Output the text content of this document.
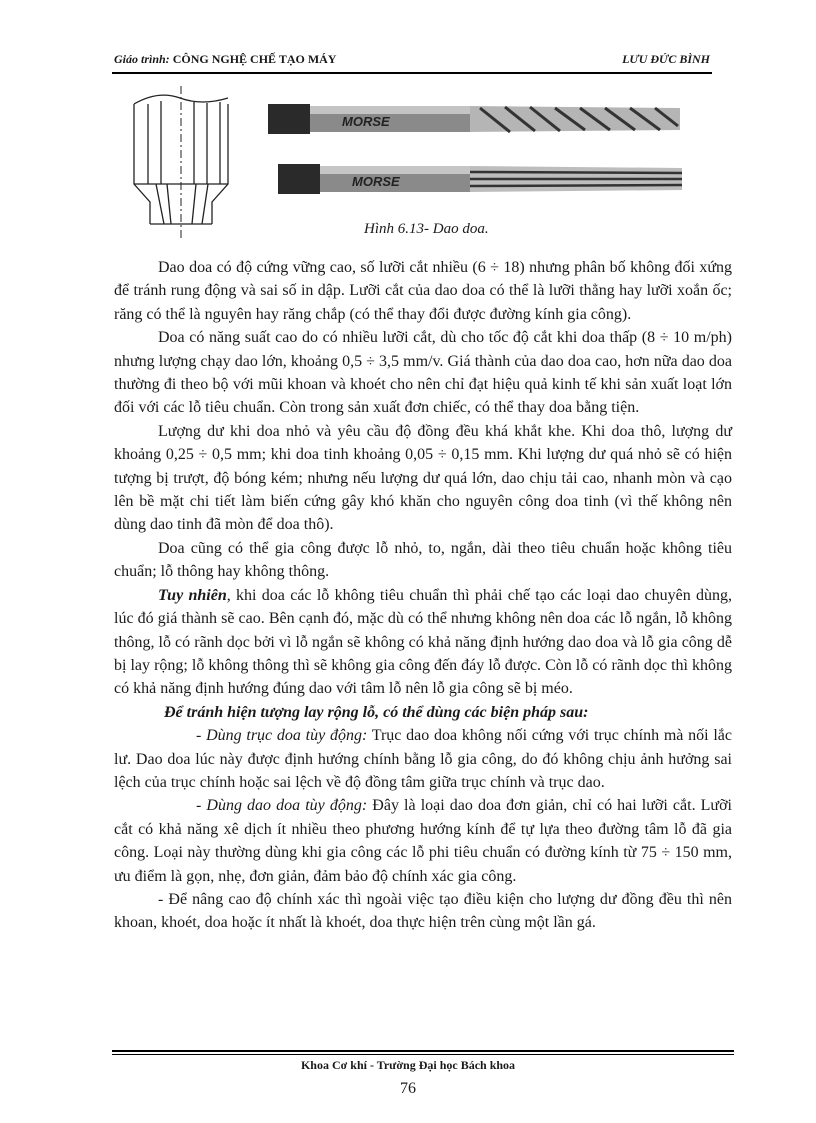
Giáo trình: CÔNG NGHỆ CHẾ TẠO MÁY	LƯU ĐỨC BÌNH
MORSE
MORSE
Hình 6.13- Dao doa.

Dao doa có độ cứng vững cao, số lưỡi cắt nhiều (6 ÷ 18) nhưng phân bố không đối xứng để tránh rung động và sai số in dập. Lưỡi cắt của dao doa có thể là lưỡi thẳng hay lưỡi xoắn ốc; răng có thể là nguyên hay răng chắp (có thể thay đổi được đường kính gia công).

Doa có năng suất cao do có nhiều lưỡi cắt, dù cho tốc độ cắt khi doa thấp (8 ÷ 10 m/ph) nhưng lượng chạy dao lớn, khoảng 0,5 ÷ 3,5 mm/v. Giá thành của dao doa cao, hơn nữa dao doa thường đi theo bộ với mũi khoan và khoét cho nên chỉ đạt hiệu quả kinh tế khi sản xuất loạt lớn đối với các lỗ tiêu chuẩn. Còn trong sản xuất đơn chiếc, có thể thay doa bằng tiện.

Lượng dư khi doa nhỏ và yêu cầu độ đồng đều khá khắt khe. Khi doa thô, lượng dư khoảng 0,25 ÷ 0,5 mm; khi doa tinh khoảng 0,05 ÷ 0,15 mm. Khi lượng dư quá nhỏ sẽ có hiện tượng bị trượt, độ bóng kém; nhưng nếu lượng dư quá lớn, dao chịu tải cao, nhanh mòn và cạo lên bề mặt chi tiết làm biến cứng gây khó khăn cho nguyên công doa tinh (vì thế không nên dùng dao tinh đã mòn để doa thô).

Doa cũng có thể gia công được lỗ nhỏ, to, ngắn, dài theo tiêu chuẩn hoặc không tiêu chuẩn; lỗ thông hay không thông.

Tuy nhiên, khi doa các lỗ không tiêu chuẩn thì phải chế tạo các loại dao chuyên dùng, lúc đó giá thành sẽ cao. Bên cạnh đó, mặc dù có thể nhưng không nên doa các lỗ ngắn, lỗ không thông, lỗ có rãnh dọc bởi vì lỗ ngắn sẽ không có khả năng định hướng dao doa và lỗ gia công dễ bị lay rộng; lỗ không thông thì sẽ không gia công đến đáy lỗ được. Còn lỗ có rãnh dọc thì không có khả năng định hướng đúng dao với tâm lỗ nên lỗ gia công sẽ bị méo.

Để tránh hiện tượng lay rộng lỗ, có thể dùng các biện pháp sau:

- Dùng trục doa tùy động: Trục dao doa không nối cứng với trục chính mà nối lắc lư. Dao doa lúc này được định hướng chính bằng lỗ gia công, do đó không chịu ảnh hưởng sai lệch của trục chính hoặc sai lệch về độ đồng tâm giữa trục chính và trục dao.

- Dùng dao doa tùy động: Đây là loại dao doa đơn giản, chỉ có hai lưỡi cắt. Lưỡi cắt có khả năng xê dịch ít nhiều theo phương hướng kính để tự lựa theo đường tâm lỗ đã gia công. Loại này thường dùng khi gia công các lỗ phi tiêu chuẩn có đường kính từ 75 ÷ 150 mm, ưu điểm là gọn, nhẹ, đơn giản, đảm bảo độ chính xác gia công.

- Để nâng cao độ chính xác thì ngoài việc tạo điều kiện cho lượng dư đồng đều thì nên khoan, khoét, doa hoặc ít nhất là khoét, doa thực hiện trên cùng một lần gá.

Khoa Cơ khí - Trường Đại học Bách khoa
76
